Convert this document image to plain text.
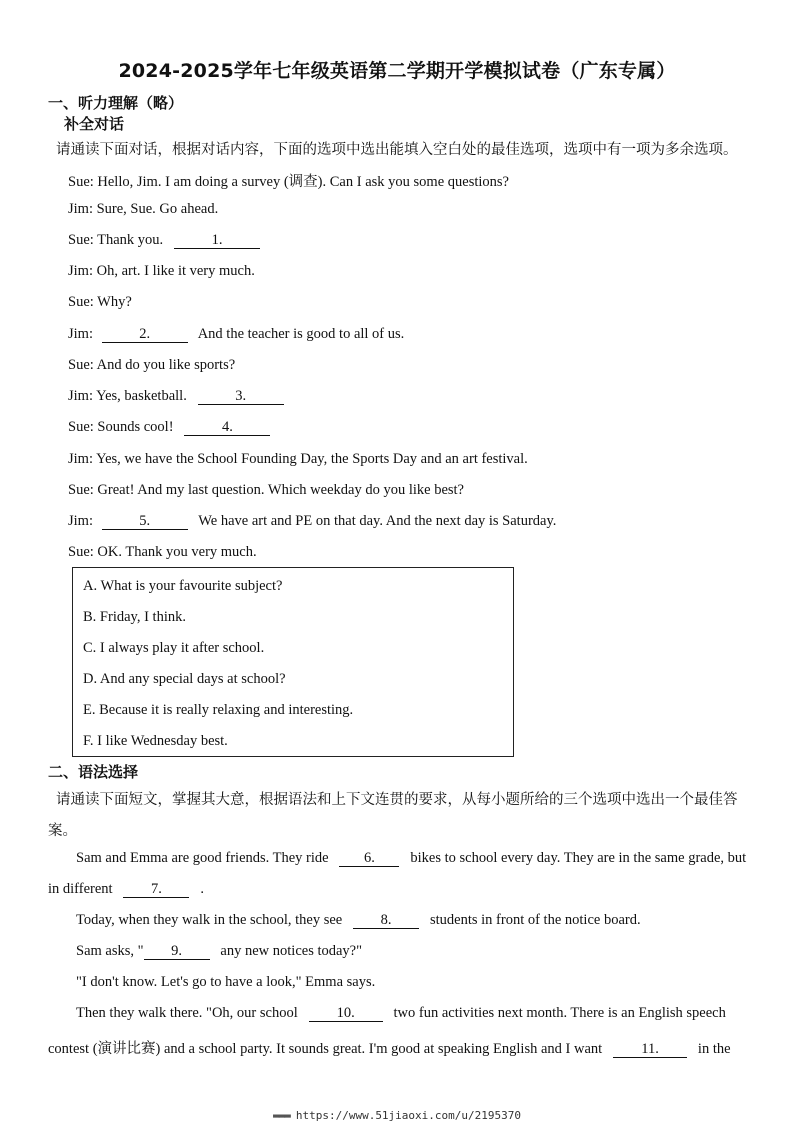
2024-2025学年七年级英语第二学期开学模拟试卷（广东专属）
一、听力理解（略）
补全对话
请通读下面对话，根据对话内容，下面的选项中选出能填入空白处的最佳选项，选项中有一项为多余选项。
Sue: Hello, Jim. I am doing a survey (调查). Can I ask you some questions?
Jim: Sure, Sue. Go ahead.
Sue: Thank you.	1.
Jim: Oh, art. I like it very much.
Sue: Why?
Jim:	2.	And the teacher is good to all of us.
Sue: And do you like sports?
Jim: Yes, basketball.	3.
Sue: Sounds cool!	4.
Jim: Yes, we have the School Founding Day, the Sports Day and an art festival.
Sue: Great! And my last question. Which weekday do you like best?
Jim:	5.	We have art and PE on that day. And the next day is Saturday.
Sue: OK. Thank you very much.
A. What is your favourite subject?
B. Friday, I think.
C. I always play it after school.
D. And any special days at school?
E. Because it is really relaxing and interesting.
F. I like Wednesday best.
二、语法选择
请通读下面短文，掌握其大意，根据语法和上下文连贯的要求，从每小题所给的三个选项中选出一个最佳答
案。
Sam and Emma are good friends. They ride 6. bikes to school every day. They are in the same grade, but
in different	7.	.
Today, when they walk in the school, they see	8.	students in front of the notice board.
Sam asks, " 9.	any new notices today?"
"I don't know. Let's go to have a look," Emma says.
Then they walk there. "Oh, our school	10.	two fun activities next month. There is an English speech
contest (演讲比赛) and a school party. It sounds great. I'm good at speaking English and I want	11.	in the
▬▬▬ https://www.51jiaoxi.com/u/2195370
